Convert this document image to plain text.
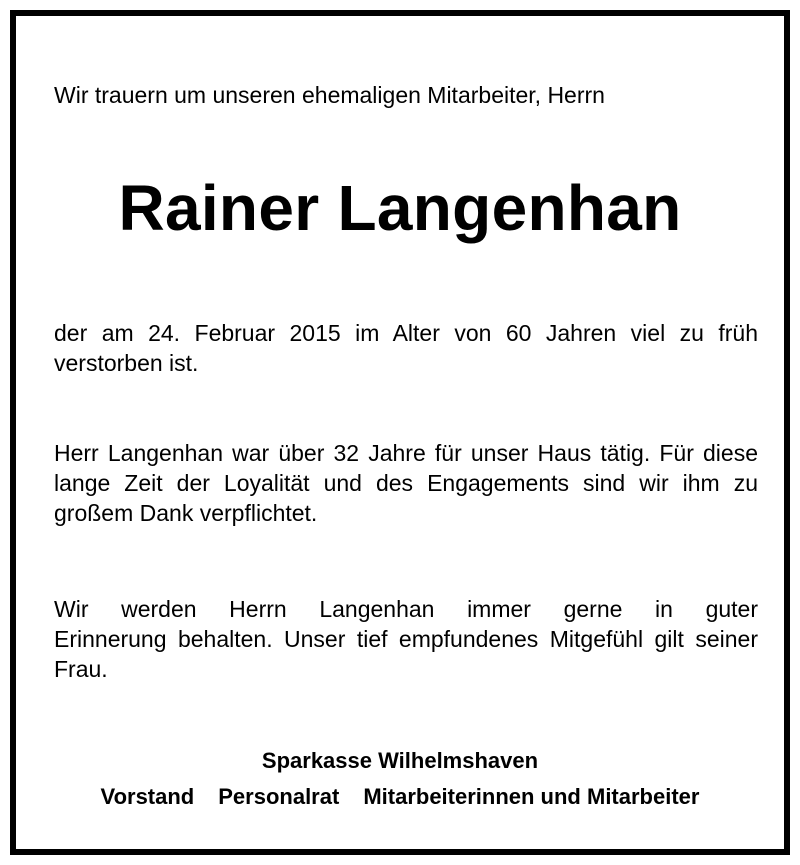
Wir trauern um unseren ehemaligen Mitarbeiter, Herrn
Rainer Langenhan
der am 24. Februar 2015 im Alter von 60 Jahren viel zu früh verstorben ist.
Herr Langenhan war über 32 Jahre für unser Haus tätig. Für diese lange Zeit der Loyalität und des Engagements sind wir ihm zu großem Dank verpflichtet.
Wir werden Herrn Langenhan immer gerne in guter
Erinnerung behalten. Unser tief empfundenes Mitgefühl gilt seiner Frau.
Sparkasse Wilhelmshaven
Vorstand Personalrat Mitarbeiterinnen und Mitarbeiter
